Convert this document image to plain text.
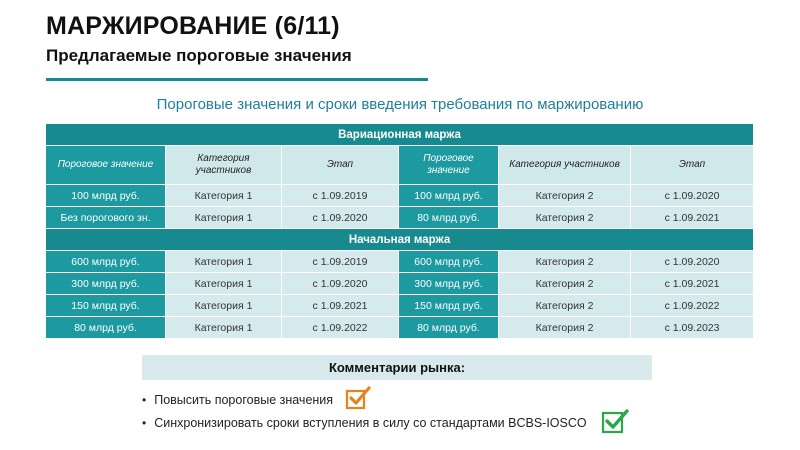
МАРЖИРОВАНИЕ (6/11)
Предлагаемые пороговые значения
Пороговые значения и сроки введения требования по маржированию
Вариационная маржа					
Пороговое значение	Категория участников	Этап	Пороговое значение	Категория участников	Этап
100 млрд руб.	Категория 1	с 1.09.2019	100 млрд руб.	Категория 2	с 1.09.2020
Без порогового зн.	Категория 1	с 1.09.2020	80 млрд руб.	Категория 2	с 1.09.2021
Начальная маржа					
600 млрд руб.	Категория 1	с 1.09.2019	600 млрд руб.	Категория 2	с 1.09.2020
300 млрд руб.	Категория 1	с 1.09.2020	300 млрд руб.	Категория 2	с 1.09.2021
150 млрд руб.	Категория 1	с 1.09.2021	150 млрд руб.	Категория 2	с 1.09.2022
80 млрд руб.	Категория 1	с 1.09.2022	80 млрд руб.	Категория 2	с 1.09.2023
Комментарии рынка:
• Повысить пороговые значения
• Синхронизировать сроки вступления в силу со стандартами BCBS-IOSCO
